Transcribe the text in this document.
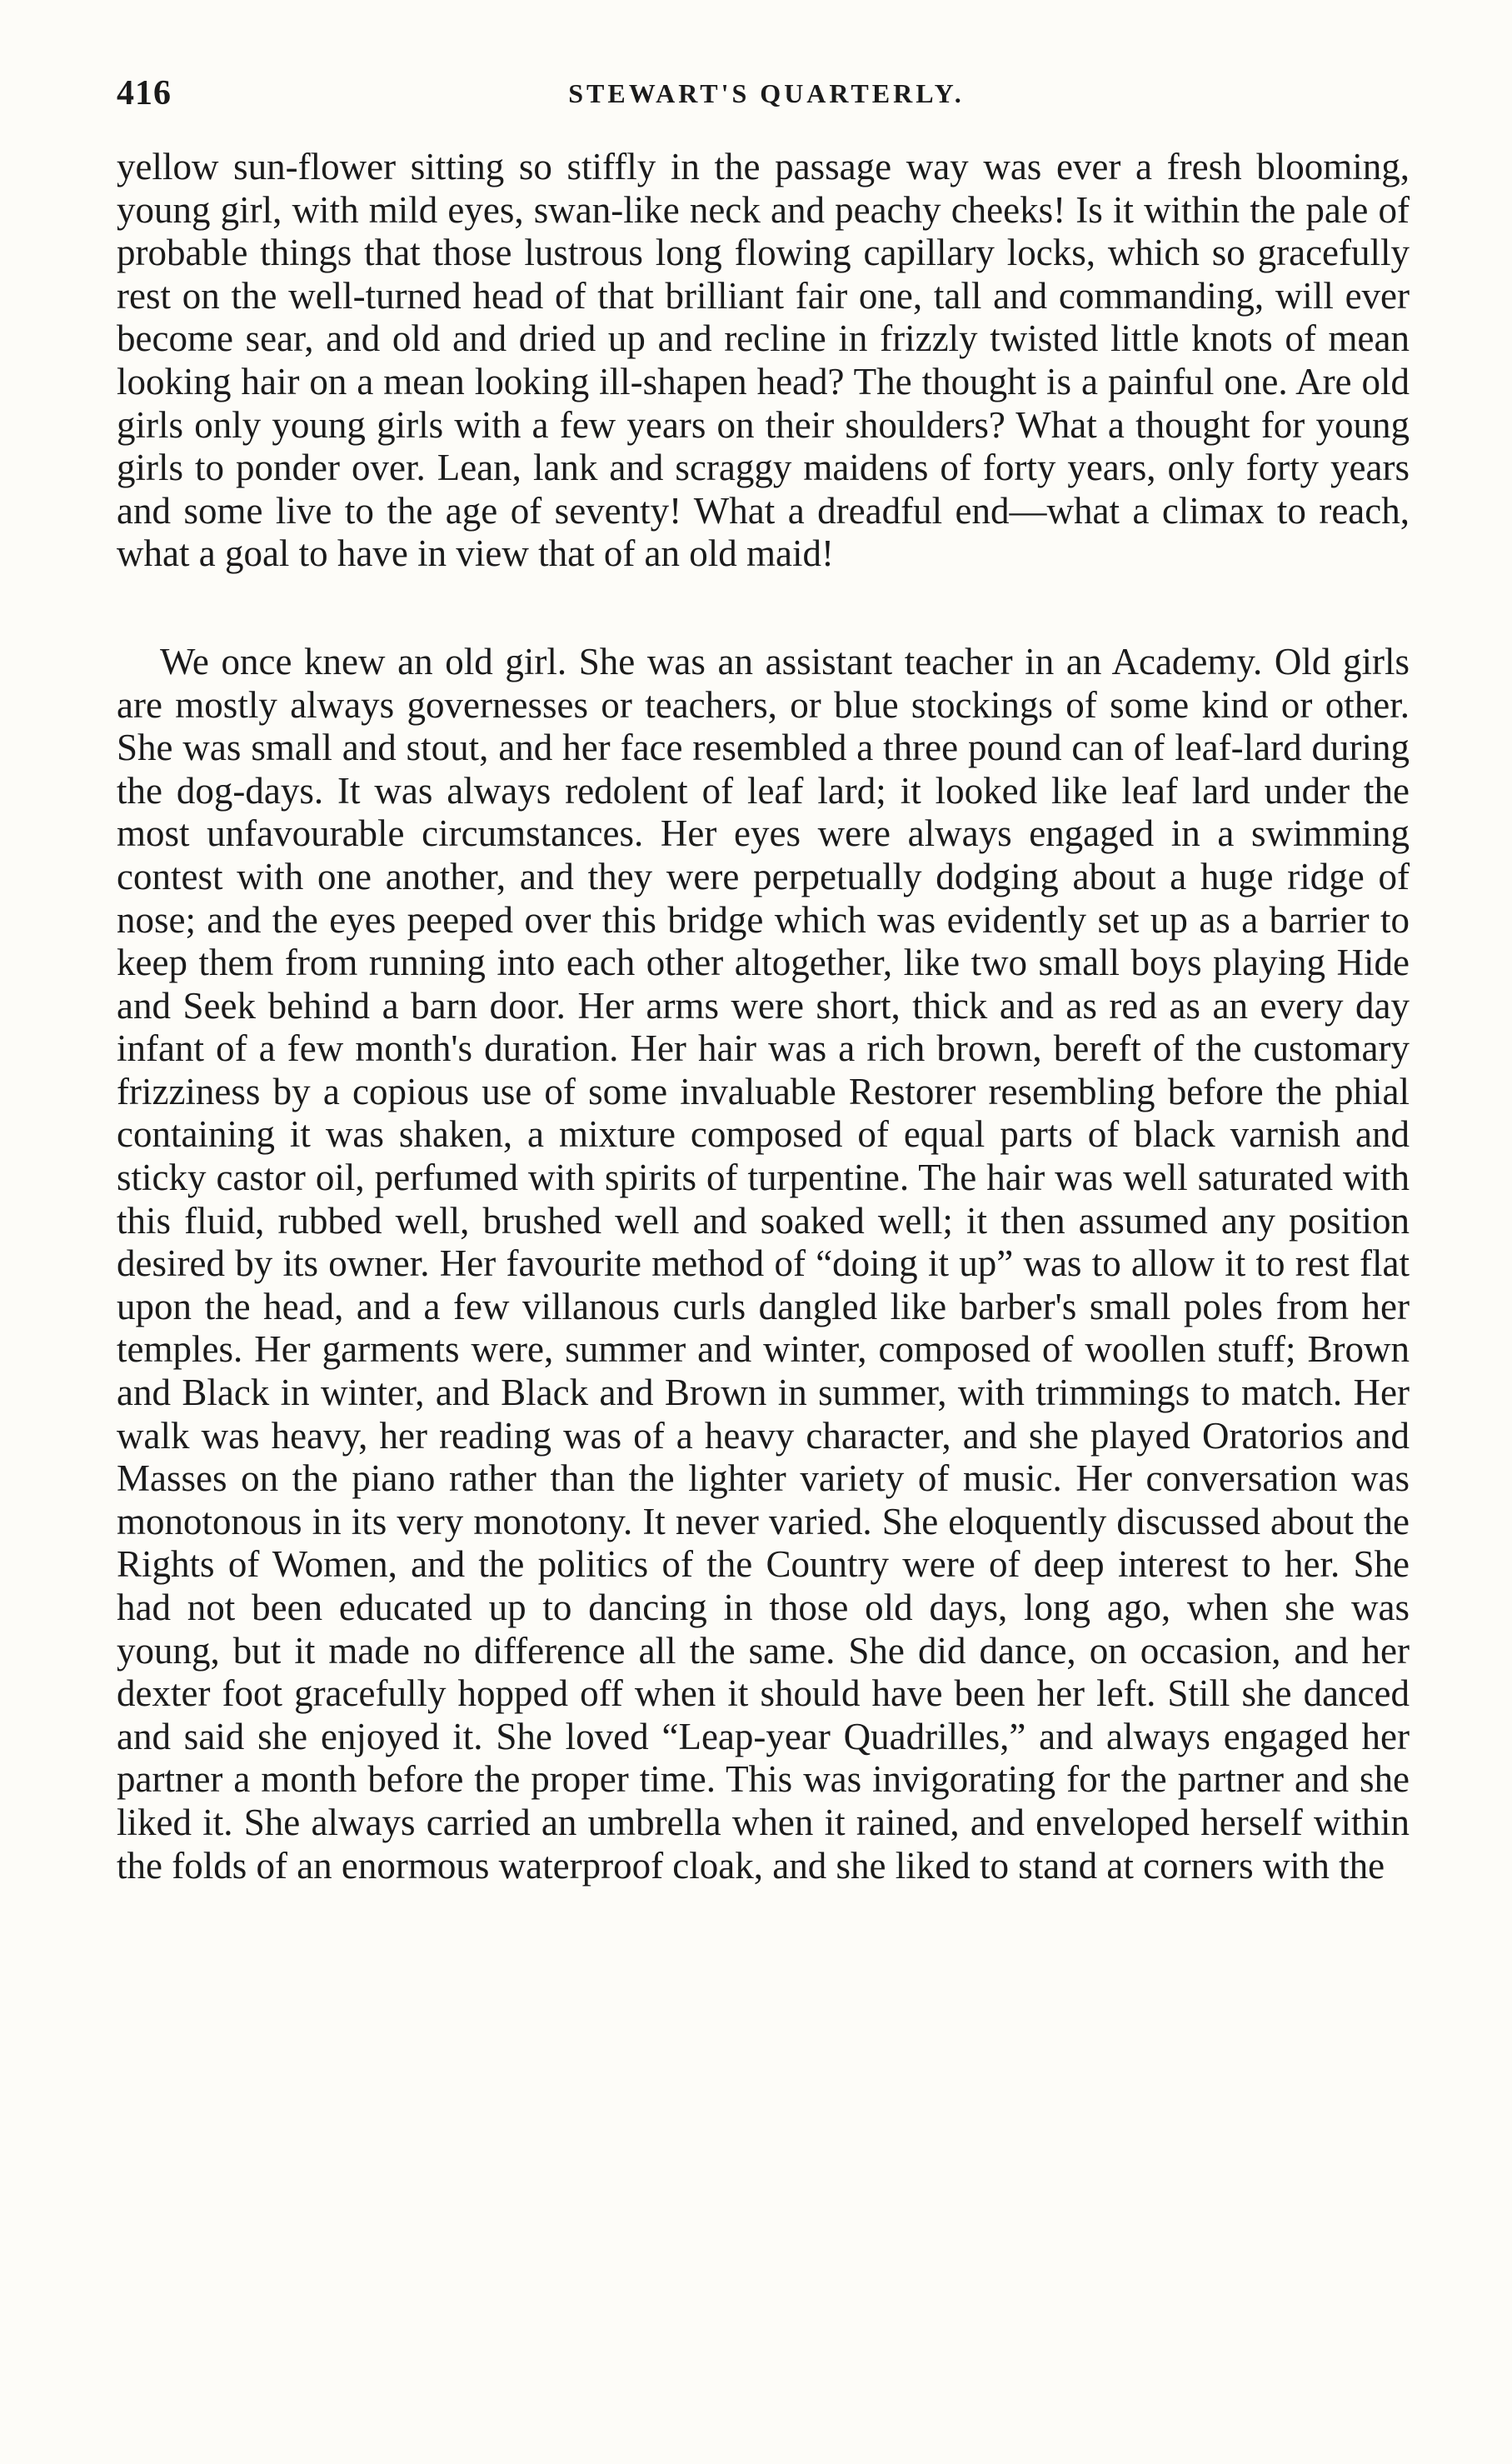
416	STEWART'S QUARTERLY.

yellow sun-flower sitting so stiffly in the passage way was ever a fresh blooming, young girl, with mild eyes, swan-like neck and peachy cheeks! Is it within the pale of probable things that those lustrous long flowing capillary locks, which so gracefully rest on the well-turned head of that brilliant fair one, tall and commanding, will ever become sear, and old and dried up and recline in frizzly twisted little knots of mean looking hair on a mean looking ill-shapen head? The thought is a painful one. Are old girls only young girls with a few years on their shoulders? What a thought for young girls to ponder over. Lean, lank and scraggy maidens of forty years, only forty years and some live to the age of seventy! What a dreadful end—what a climax to reach, what a goal to have in view that of an old maid!

We once knew an old girl. She was an assistant teacher in an Academy. Old girls are mostly always governesses or teachers, or blue stockings of some kind or other. She was small and stout, and her face resembled a three pound can of leaf-lard during the dog-days. It was always redolent of leaf lard; it looked like leaf lard under the most unfavourable circumstances. Her eyes were always engaged in a swimming contest with one another, and they were perpetually dodging about a huge ridge of nose; and the eyes peeped over this bridge which was evidently set up as a barrier to keep them from running into each other altogether, like two small boys playing Hide and Seek behind a barn door. Her arms were short, thick and as red as an every day infant of a few month's duration. Her hair was a rich brown, bereft of the customary frizziness by a copious use of some invaluable Restorer resembling before the phial containing it was shaken, a mixture composed of equal parts of black varnish and sticky castor oil, perfumed with spirits of turpentine. The hair was well saturated with this fluid, rubbed well, brushed well and soaked well; it then assumed any position desired by its owner. Her favourite method of “doing it up” was to allow it to rest flat upon the head, and a few villanous curls dangled like barber's small poles from her temples. Her garments were, summer and winter, composed of woollen stuff; Brown and Black in winter, and Black and Brown in summer, with trimmings to match. Her walk was heavy, her reading was of a heavy character, and she played Oratorios and Masses on the piano rather than the lighter variety of music. Her conversation was monotonous in its very monotony. It never varied. She eloquently discussed about the Rights of Women, and the politics of the Country were of deep interest to her. She had not been educated up to dancing in those old days, long ago, when she was young, but it made no difference all the same. She did dance, on occasion, and her dexter foot gracefully hopped off when it should have been her left. Still she danced and said she enjoyed it. She loved “Leap-year Quadrilles,” and always engaged her partner a month before the proper time. This was invigorating for the partner and she liked it. She always carried an umbrella when it rained, and enveloped herself within the folds of an enormous waterproof cloak, and she liked to stand at corners with the
